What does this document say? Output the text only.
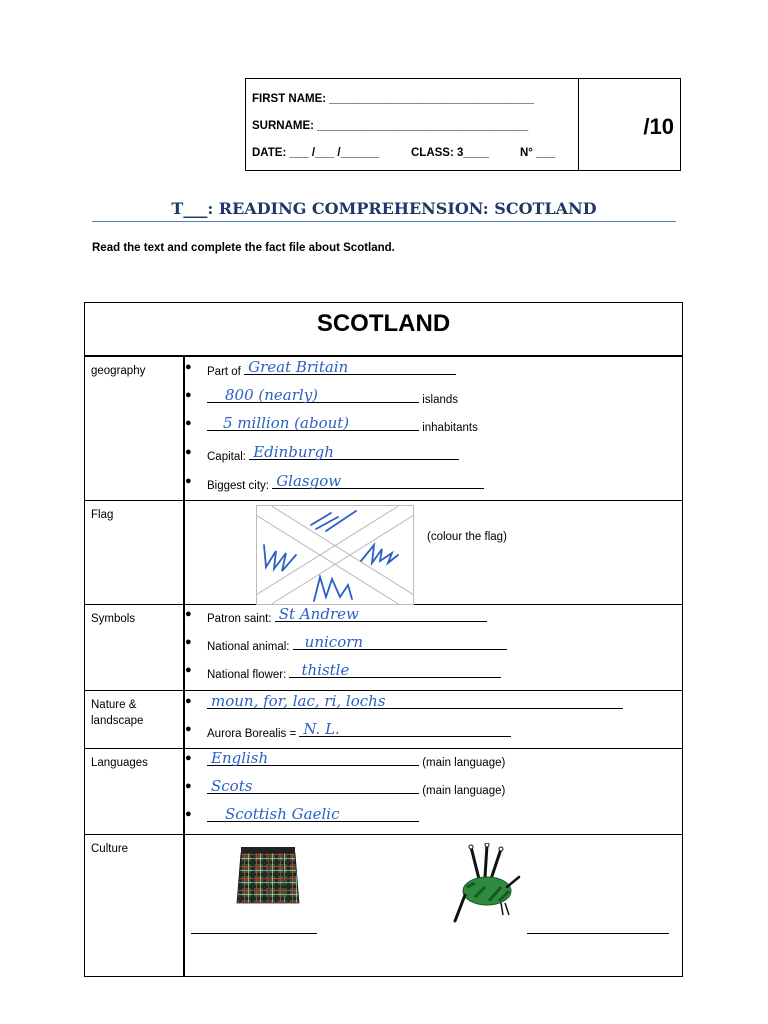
FIRST NAME: ________________________________
SURNAME: _________________________________
DATE: ___ /___ /______	CLASS: 3____	N° ___
/10
T___: READING COMPREHENSION: SCOTLAND
Read the text and complete the fact file about Scotland.
SCOTLAND
geography	● Part of Great Britain
● 800 (nearly)	islands
● 5 million (about)	inhabitants
● Capital: Edinburgh
● Biggest city: Glasgow
Flag
(colour the flag)
Symbols	● Patron saint: St Andrew
● National animal: unicorn
● National flower: thistle
Nature & landscape
● moun, for, lac, ri, lochs
● Aurora Borealis = N. L.
Languages	● English	(main language)
● Scots	(main language)
● Scottish Gaelic
Culture
